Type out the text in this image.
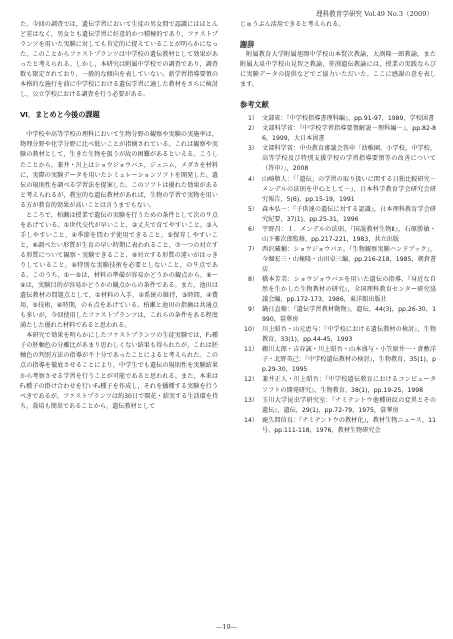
理科教育学研究 Vol.49 No.3（2009）

た。今回の調査では，遺伝学習において生徒の男女間で認識にはほとんど差はなく，男女とも遺伝学習に好意的かつ積極的であり，ファストプランツを用いた実験に対しても肯定的に捉えていることが明らかになった。このことからファストプランツは中学校の遺伝教材として効果があったと考えられる。しかし，本研究は附属中学校での調査であり，調査数も限定されており，一般的な傾向を表していない。新学習指導要領の本格的な施行を前に中学校における遺伝学習に適した教材をさらに検討し，公立学校における調査を行う必要がある。

Ⅵ．まとめと今後の課題

中学校や高等学校の理科において生物分野の観察や実験の実施率は，物理分野や化学分野に比べ低いことが指摘されている。これは観察や実験の教材として，生きた生物を扱うが故の困難があるといえる。こうしたことから，兼井・川上はショウジョウバエ，ジェニム，メダカを材料に，実際の実験データを用いたシミュレーションソフトを開発した。遺伝の規則性を調べる学習法を提案した。このソフトは優れた効果があると考えられるが，教室的な遺伝教材があれば，生物の学習で実物を用いる方が教育的効果が高いことは言うまでもない。

ところで，柏瀬は授業で遺伝の実験を行うための条件として次の９点をあげている。①世代交代が早いこと，②丈夫で育てやすいこと，③入手しやすいこと，④季節を問わず使用できること，⑤保存しやすいこと，⑥調べたい形質が生育の早い時期に表われること，⑦一つの対立する形質について観察・実験できること，⑧対立する形質の違いがはっきりしていること，⑨特別な実験技術を必要としないこと，の９点である。このうち，①～⑤は，材料の準備が容易かどうかの観点から，⑥～⑨は，実験目的が容易かどうかの観点からの条件である。また，池田は遺伝教材の問題点として，①材料の入手，②系統の維持，③時間，④費用，⑤技術，⑥時期，の６点をあげている。柏瀬と池田の指摘は共通点も多いが，今回使用したファストプランツは，これらの条件をある程度満たした優れた材料であると思われる。

本研究で効果を明らかにしたファストプランツの生徒実験では，F₂種子の胚軸色の分離比があまり思わしくない結果も得られたが，これは胚軸色の判別方法の指導が不十分であったことによると考えられた。この点の指導を徹底させることにより，中学生でも遺伝の規則性を実験結果から考察させる学習を行うことが可能であると思われる。また，本来はF₁種子の掛け合わせを行いF₂種子を作成し，それを播種する実験を行うべきであるが，ファストプランツは約30日で開花・結実する生活環を持ち，栽培も簡単であることから，遺伝教材として

じゅうぶん活用できると考えられる。

謝辞

附属教育大学附属旭岡中学校山本賢次教諭，大渕隆一郎教諭，また附属大泉中学校山見智之教諭，笹渕遺伝教諭には，授業の実践ならびに実験データの提供などでご協力いただいた。ここに感謝の意を表します。

参考文献

1） 文部省：『中学校指導書理科編』，pp.91-97，1989，学校図書
2） 文部科学省：『中学校学習指導要領解説－理科編－』，pp.82-86，1999，大日本図書
3） 文部科学省：中央教育審議会答申「幼稚園，小学校，中学校，高等学校及び特別支援学校の学習指導要領等の改善について（答申）」，2008
4） 山崎敬人：『「遺伝」の学習の取り扱いに関する日独比較研究－メンデルの法則を中心として－』，日本科学教育学会研究会研究報告，5(6)，pp.15-19，1991
5） 森本弘一：『子供達の遺伝に対する認識』，日本理科教育学会研究紀要，37(1)，pp.25-31，1996
6） 宇野昌：Ｉ．メンデルの法則，『国説教材生物Ⅱ』，石原勝敏・山下雅次郎監修，pp.217-221，1983，共立出版
7） 西沢蔵輔：ショウジョウバエ，『生物観察実験ハンドブック』，今堀宏三・山極隆・山田卓三編，pp.216-218，1985，朝倉書店
8） 橋本芳美：ショウジョウバエを用いた遺伝の指導，『身近な自然を生かした生物教材の研究』，全国理科教育センター研究協議会編，pp.172-173，1986，東洋館出版社
9） 鍋日直樹：『遺伝学習教材動物』，遺伝，44(3)，pp.26-30，1990，裳華房
10） 川上昭吾・山元恵与：『中学校における遺伝教材の検討』，生物教育，33(1)，pp.44-45，1993
11） 鵜川太郎・吉谷誠・川上昭吾・山本盛与・小笠原井一・倉敷洋子・北野英己：『中学校遺伝教材の検討』，生物教育，35(1)，pp.29-30，1995
12） 兼井正人・川上昭吾：『中学校遺伝教育におけるコンピュータソフトの開発研究』，生物教育，38(1)，pp.19-25，1998
13） 玉川大学昆虫学研究室：『ナミテントウ他種斑紋の変異とその遺伝』，遺伝，29(1)，pp.72-79，1975，裳華房
14） 鹿久間信良：『ナミテントウの教材化』，教材生物ニュース，11号，pp.111-118，1976，教材生物研究会
—19—
